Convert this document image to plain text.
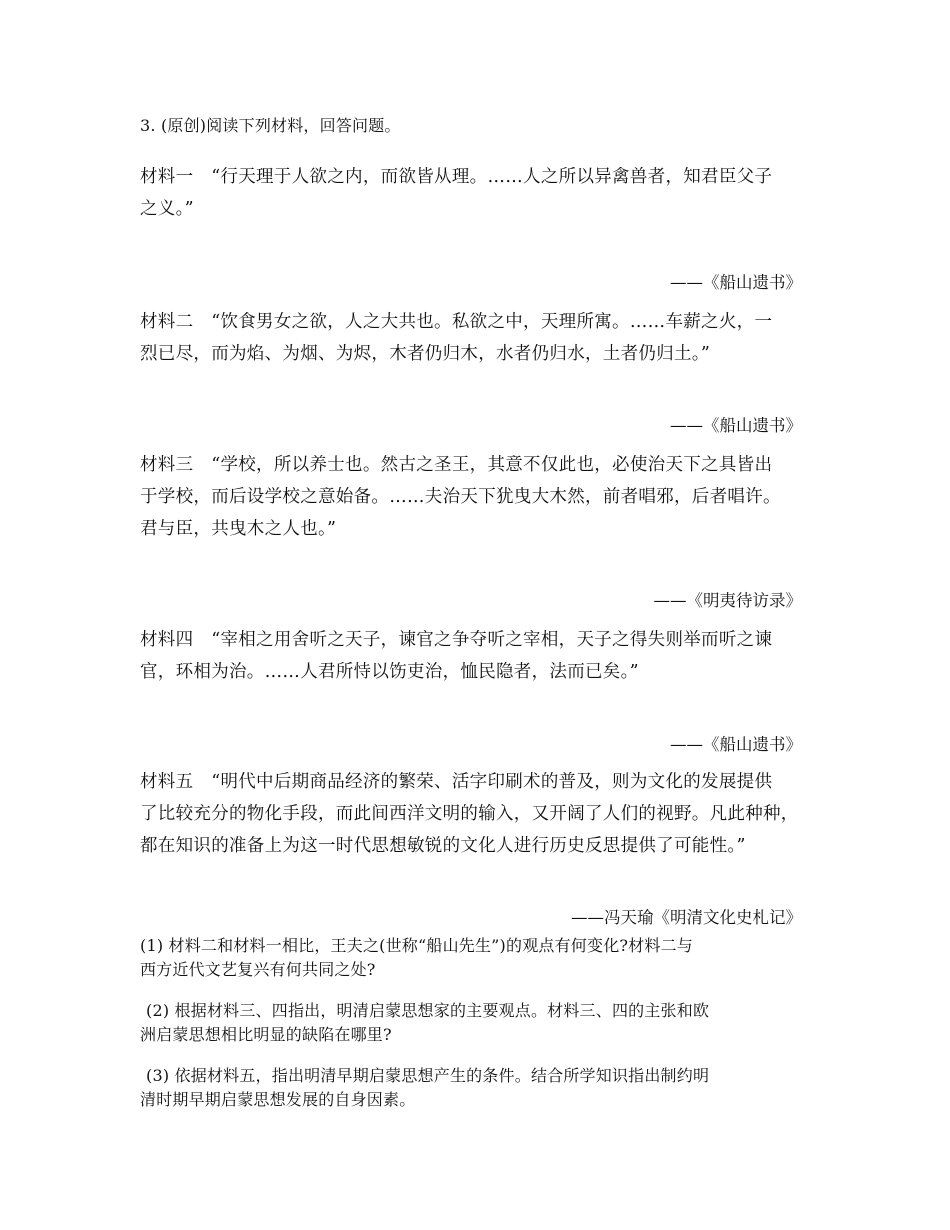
3. (原创)阅读下列材料，回答问题。

材料一　“行天理于人欲之内，而欲皆从理。……人之所以异禽兽者，知君臣父子

之义。”

——《船山遗书》

材料二　“饮食男女之欲，人之大共也。私欲之中，天理所寓。……车薪之火，一

烈已尽，而为焰、为烟、为烬，木者仍归木，水者仍归水，土者仍归土。”

——《船山遗书》

材料三　“学校，所以养士也。然古之圣王，其意不仅此也，必使治天下之具皆出

于学校，而后设学校之意始备。……夫治天下犹曳大木然，前者唱邪，后者唱许。

君与臣，共曳木之人也。”

——《明夷待访录》

材料四　“宰相之用舍听之天子，谏官之争夺听之宰相，天子之得失则举而听之谏

官，环相为治。……人君所恃以饬吏治，恤民隐者，法而已矣。”

——《船山遗书》

材料五　“明代中后期商品经济的繁荣、活字印刷术的普及，则为文化的发展提供

了比较充分的物化手段，而此间西洋文明的输入，又开阔了人们的视野。凡此种种，

都在知识的准备上为这一时代思想敏锐的文化人进行历史反思提供了可能性。”

——冯天瑜《明清文化史札记》

(1) 材料二和材料一相比，王夫之(世称“船山先生”)的观点有何变化?材料二与

西方近代文艺复兴有何共同之处?

(2) 根据材料三、四指出，明清启蒙思想家的主要观点。材料三、四的主张和欧

洲启蒙思想相比明显的缺陷在哪里?

(3) 依据材料五，指出明清早期启蒙思想产生的条件。结合所学知识指出制约明

清时期早期启蒙思想发展的自身因素。
